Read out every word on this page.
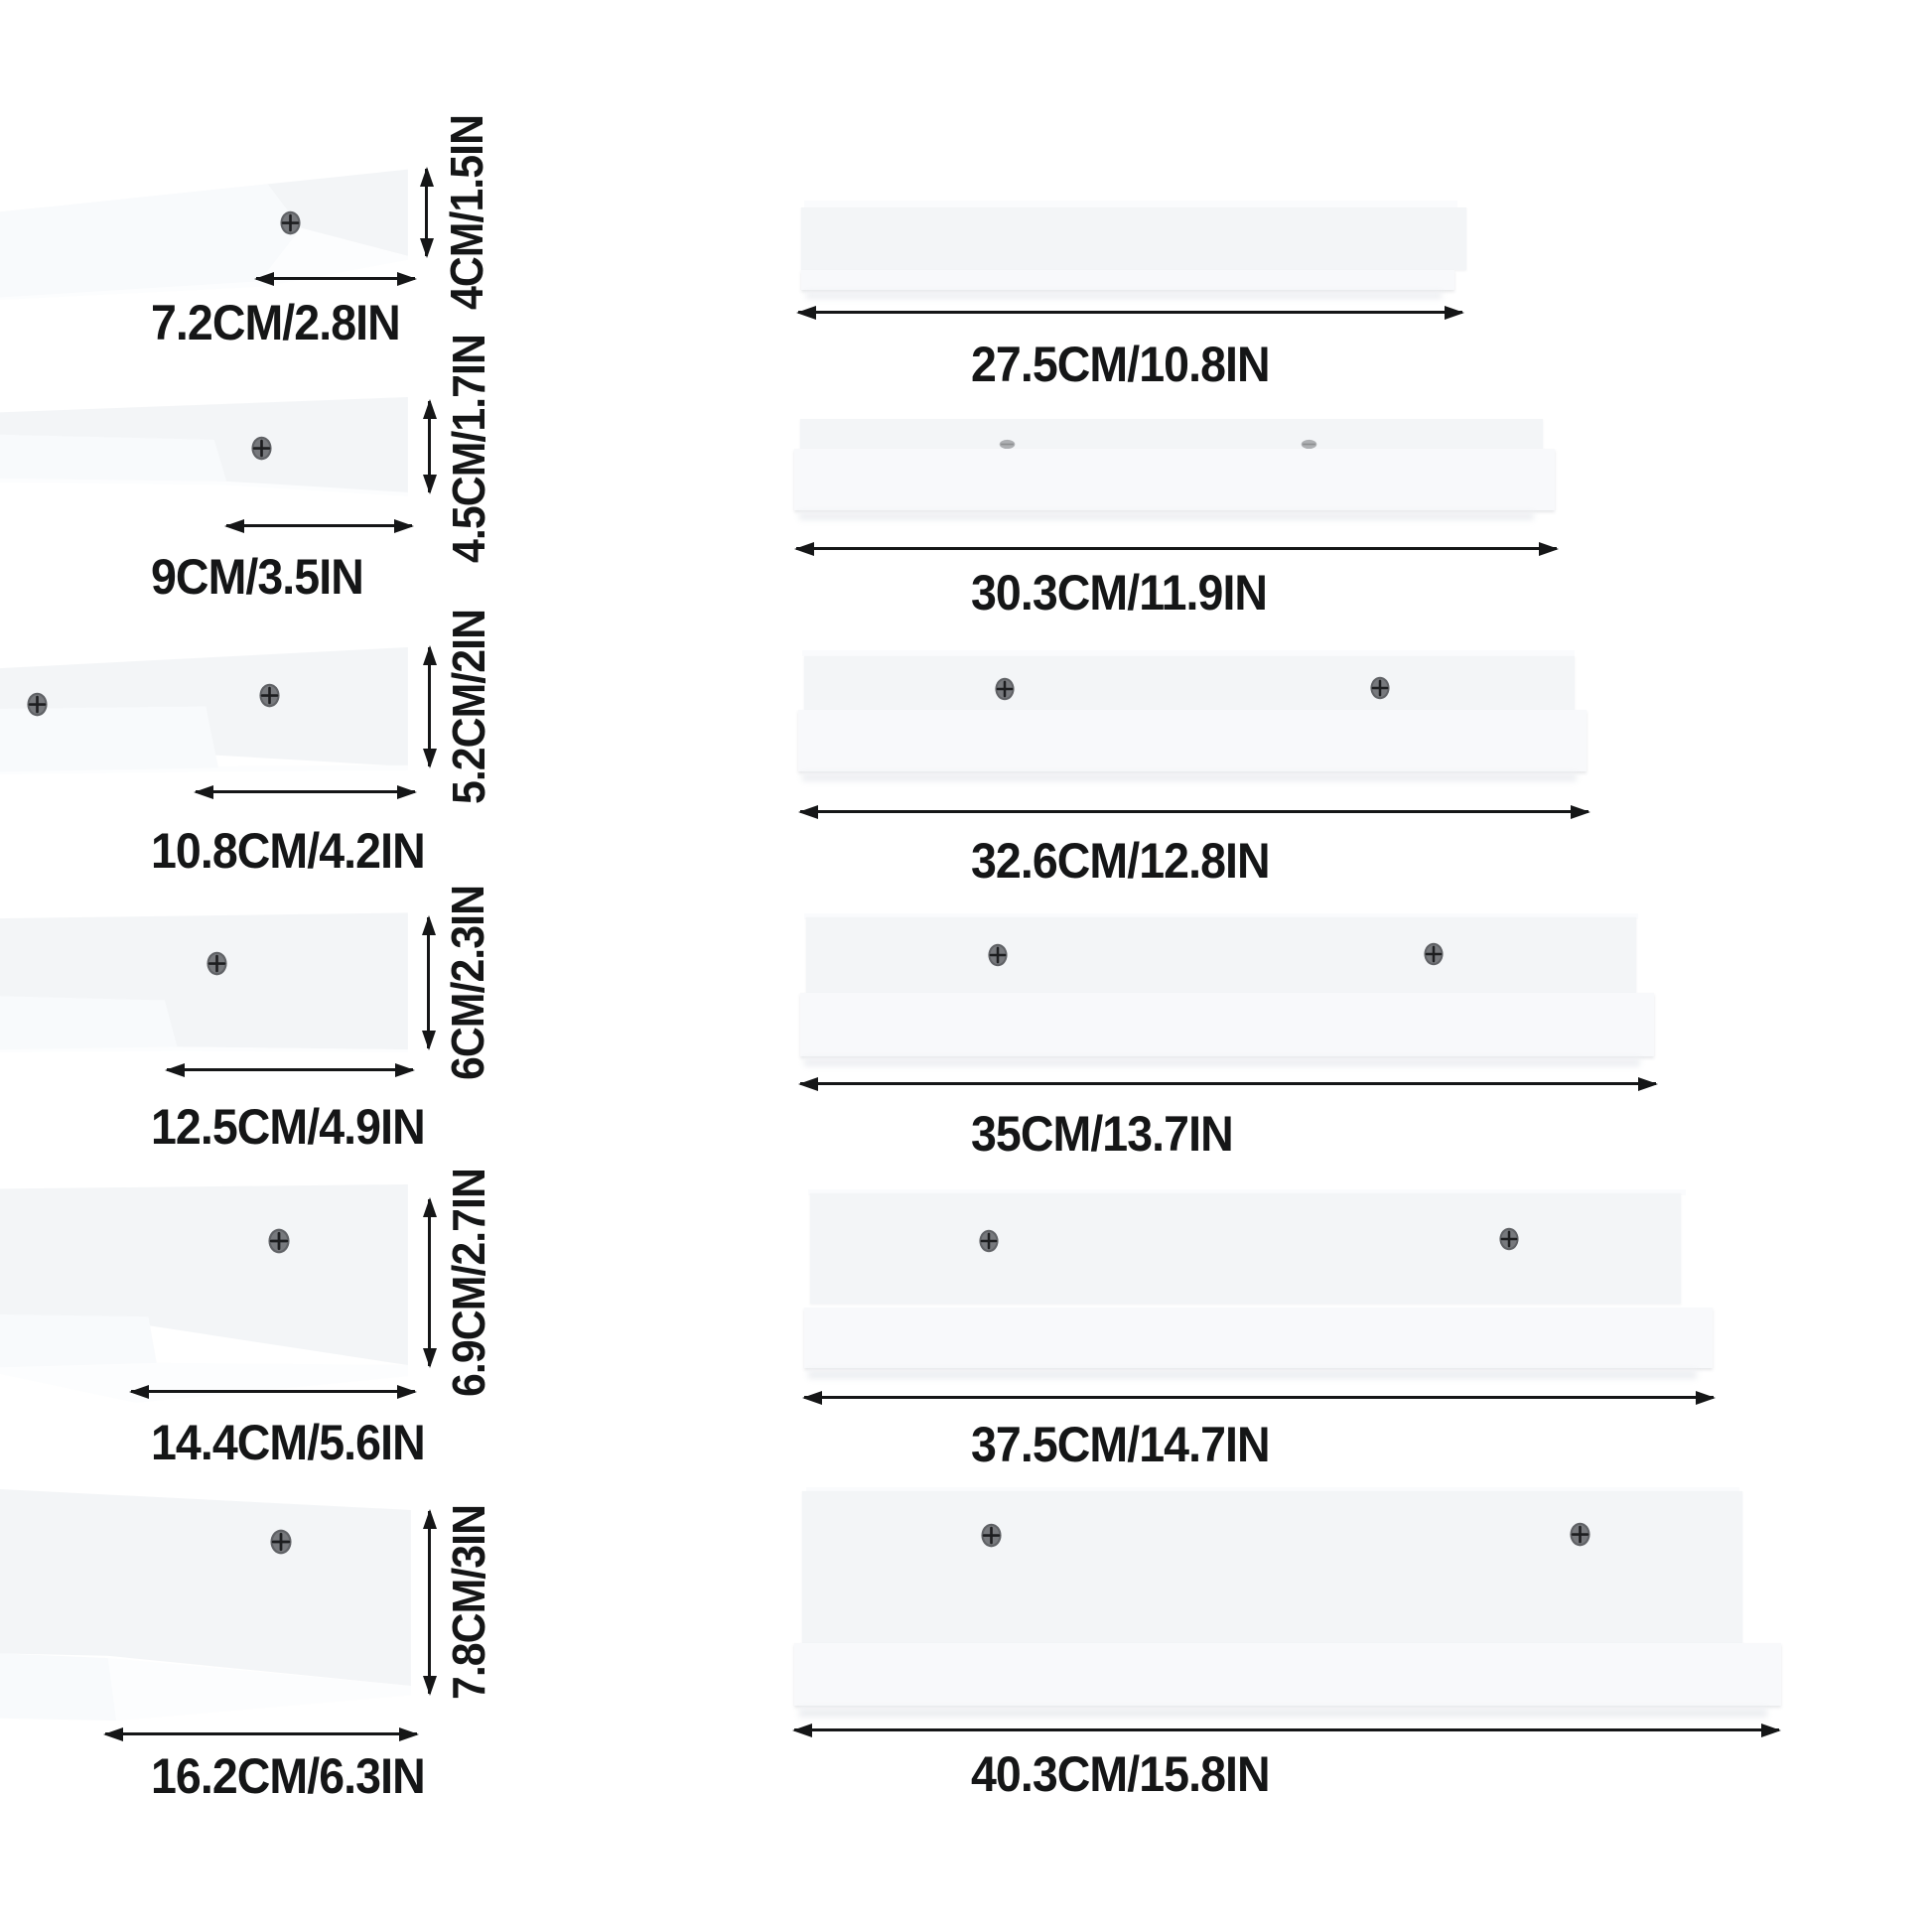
7.2CM/2.8IN
4CM/1.5IN
9CM/3.5IN
4.5CM/1.7IN
10.8CM/4.2IN
5.2CM/2IN
12.5CM/4.9IN
6CM/2.3IN
14.4CM/5.6IN
6.9CM/2.7IN
16.2CM/6.3IN
7.8CM/3IN
27.5CM/10.8IN
30.3CM/11.9IN
32.6CM/12.8IN
35CM/13.7IN
37.5CM/14.7IN
40.3CM/15.8IN
